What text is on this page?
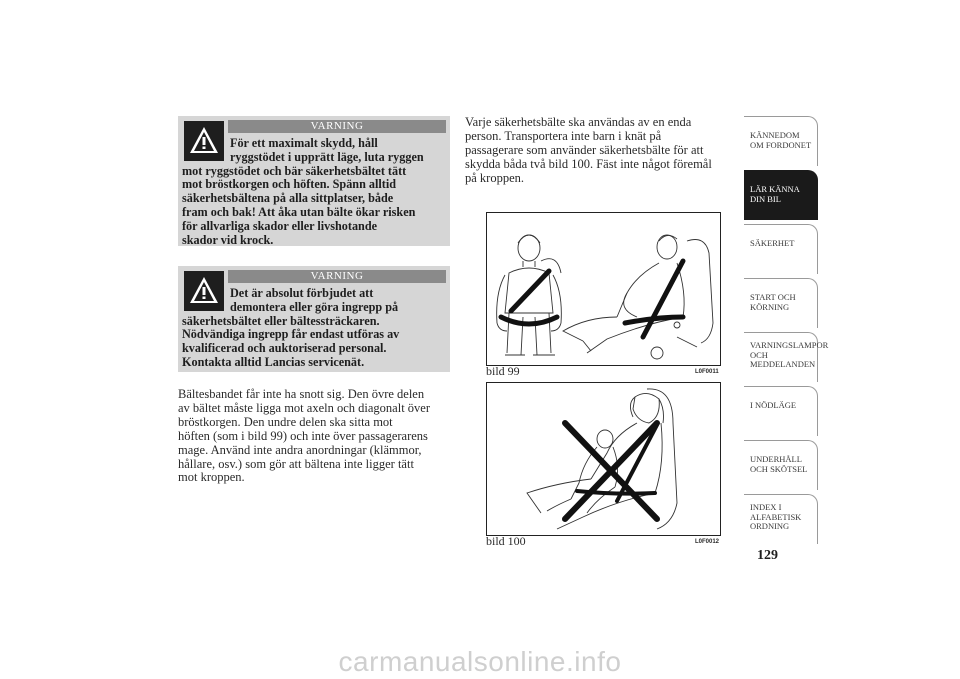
VARNING
För ett maximalt skydd, håll
ryggstödet i upprätt läge, luta ryggen
mot ryggstödet och bär säkerhetsbältet tätt
mot bröstkorgen och höften. Spänn alltid
säkerhetsbältena på alla sittplatser, både
fram och bak! Att åka utan bälte ökar risken
för allvarliga skador eller livshotande
skador vid krock.
VARNING
Det är absolut förbjudet att
demontera eller göra ingrepp på
säkerhetsbältet eller bältessträckaren.
Nödvändiga ingrepp får endast utföras av
kvalificerad och auktoriserad personal.
Kontakta alltid Lancias servicenät.
Bältesbandet får inte ha snott sig. Den övre delen
av bältet måste ligga mot axeln och diagonalt över
bröstkorgen. Den undre delen ska sitta mot
höften (som i bild 99) och inte över passagerarens
mage. Använd inte andra anordningar (klämmor,
hållare, osv.) som gör att bältena inte ligger tätt
mot kroppen.
Varje säkerhetsbälte ska användas av en enda
person. Transportera inte barn i knät på
passagerare som använder säkerhetsbälte för att
skydda båda två bild 100. Fäst inte något föremål
på kroppen.
bild 99	L0F0011
bild 100	L0F0012
KÄNNEDOM OM FORDONET
LÄR KÄNNA DIN BIL
SÄKERHET
START OCH KÖRNING
VARNINGSLAMPOR OCH MEDDELANDEN
I NÖDLÄGE
UNDERHÅLL OCH SKÖTSEL
INDEX I ALFABETISK ORDNING
129
carmanualsonline.info
